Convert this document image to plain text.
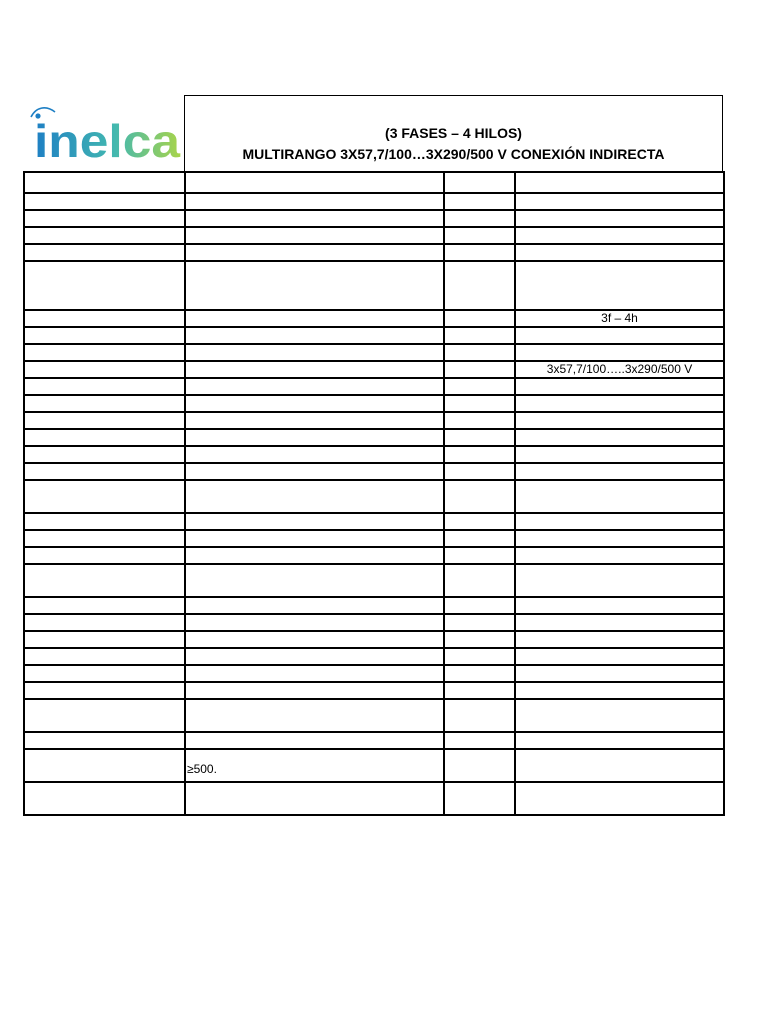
inelca	(3 FASES – 4 HILOS)
MULTIRANGO 3X57,7/100…3X290/500 V CONEXIÓN INDIRECTA

			3f – 4h

			3x57,7/100…..3x290/500 V

	≥500.		
